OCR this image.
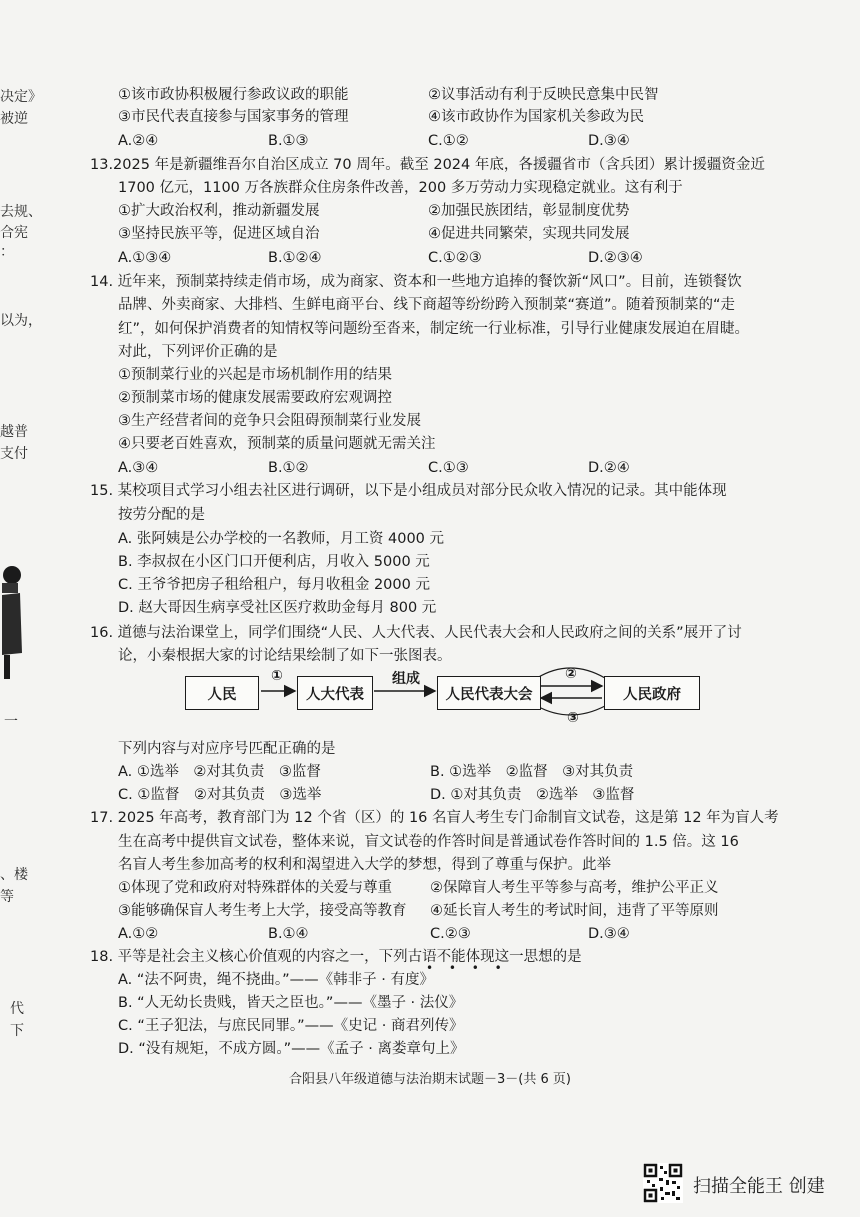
决定》
被逆
去规、
合宪
：
以为，
越普
支付
一
、楼
等
代
下
①该市政协积极履行参政议政的职能	②议事活动有利于反映民意集中民智
③市民代表直接参与国家事务的管理	④该市政协作为国家机关参政为民
A.②④	B.①③	C.①②	D.③④
13.2025 年是新疆维吾尔自治区成立 70 周年。截至 2024 年底，各援疆省市（含兵团）累计援疆资金近
1700 亿元，1100 万各族群众住房条件改善，200 多万劳动力实现稳定就业。这有利于
①扩大政治权利，推动新疆发展	②加强民族团结，彰显制度优势
③坚持民族平等，促进区域自治	④促进共同繁荣，实现共同发展
A.①③④	B.①②④	C.①②③	D.②③④
14. 近年来，预制菜持续走俏市场，成为商家、资本和一些地方追捧的餐饮新“风口”。目前，连锁餐饮
品牌、外卖商家、大排档、生鲜电商平台、线下商超等纷纷跨入预制菜“赛道”。随着预制菜的“走
红”，如何保护消费者的知情权等问题纷至沓来，制定统一行业标准，引导行业健康发展迫在眉睫。
对此，下列评价正确的是
①预制菜行业的兴起是市场机制作用的结果
②预制菜市场的健康发展需要政府宏观调控
③生产经营者间的竞争只会阻碍预制菜行业发展
④只要老百姓喜欢，预制菜的质量问题就无需关注
A.③④	B.①②	C.①③	D.②④
15. 某校项目式学习小组去社区进行调研，以下是小组成员对部分民众收入情况的记录。其中能体现
按劳分配的是
A. 张阿姨是公办学校的一名教师，月工资 4000 元
B. 李叔叔在小区门口开便利店，月收入 5000 元
C. 王爷爷把房子租给租户，每月收租金 2000 元
D. 赵大哥因生病享受社区医疗救助金每月 800 元
16. 道德与法治课堂上，同学们围绕“人民、人大代表、人民代表大会和人民政府之间的关系”展开了讨
论，小秦根据大家的讨论结果绘制了如下一张图表。
人民	人大代表	人民代表大会	人民政府
①	组成	②
③
下列内容与对应序号匹配正确的是
A. ①选举　②对其负责　③监督	B. ①选举　②监督　③对其负责
C. ①监督　②对其负责　③选举	D. ①对其负责　②选举　③监督
17. 2025 年高考，教育部门为 12 个省（区）的 16 名盲人考生专门命制盲文试卷，这是第 12 年为盲人考
生在高考中提供盲文试卷，整体来说，盲文试卷的作答时间是普通试卷作答时间的 1.5 倍。这 16
名盲人考生参加高考的权利和渴望进入大学的梦想，得到了尊重与保护。此举
①体现了党和政府对特殊群体的关爱与尊重	②保障盲人考生平等参与高考，维护公平正义
③能够确保盲人考生考上大学，接受高等教育 ④延长盲人考生的考试时间，违背了平等原则
A.①②	B.①④	C.②③	D.③④
18. 平等是社会主义核心价值观的内容之一，下列古语不能体现这一思想的是
• • • •
A. “法不阿贵，绳不挠曲。”——《韩非子 · 有度》
B. “人无幼长贵贱，皆天之臣也。”——《墨子 · 法仪》
C. “王子犯法，与庶民同罪。”——《史记 · 商君列传》
D. “没有规矩，不成方圆。”——《孟子 · 离娄章句上》
合阳县八年级道德与法治期末试题－3－(共 6 页)
扫描全能王 创建
